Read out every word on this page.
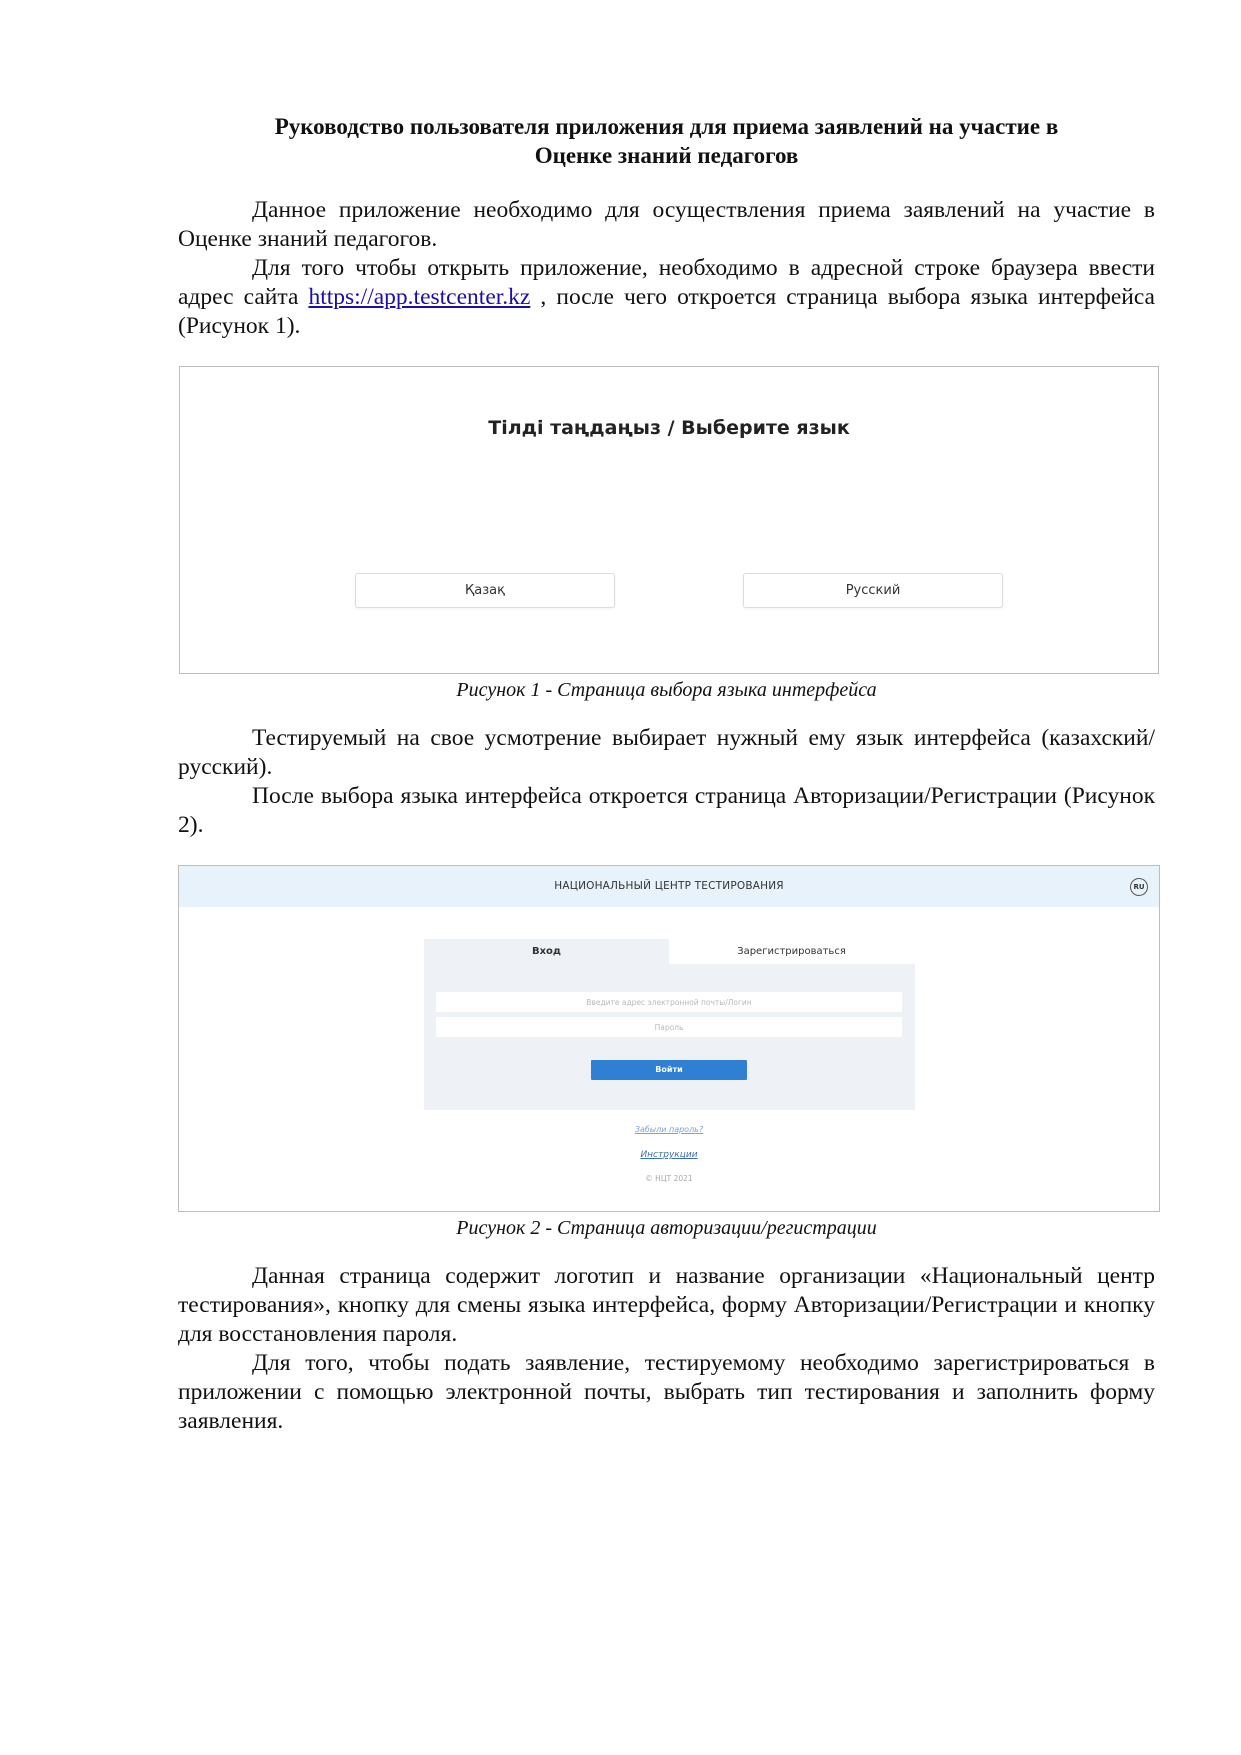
Руководство пользователя приложения для приема заявлений на участие в
Оценке знаний педагогов

Данное приложение необходимо для осуществления приема заявлений на участие в Оценке знаний педагогов.

Для того чтобы открыть приложение, необходимо в адресной строке браузера ввести адрес сайта https://app.testcenter.kz , после чего откроется страница выбора языка интерфейса (Рисунок 1).

Тілді таңдаңыз / Выберите язык
Қазақ	Русский

Рисунок 1 - Страница выбора языка интерфейса

Тестируемый на свое усмотрение выбирает нужный ему язык интерфейса (казахский/русский).

После выбора языка интерфейса откроется страница Авторизации/Регистрации (Рисунок 2).

НАЦИОНАЛЬНЫЙ ЦЕНТР ТЕСТИРОВАНИЯ	RU
Вход	Зарегистрироваться
Введите адрес электронной почты/Логин
Войти
Забыли пароль?
Инструкции
© НЦТ 2021

Рисунок 2 - Страница авторизации/регистрации

Данная страница содержит логотип и название организации «Национальный центр тестирования», кнопку для смены языка интерфейса, форму Авторизации/Регистрации и кнопку для восстановления пароля.

Для того, чтобы подать заявление, тестируемому необходимо зарегистрироваться в приложении с помощью электронной почты, выбрать тип тестирования и заполнить форму заявления.
